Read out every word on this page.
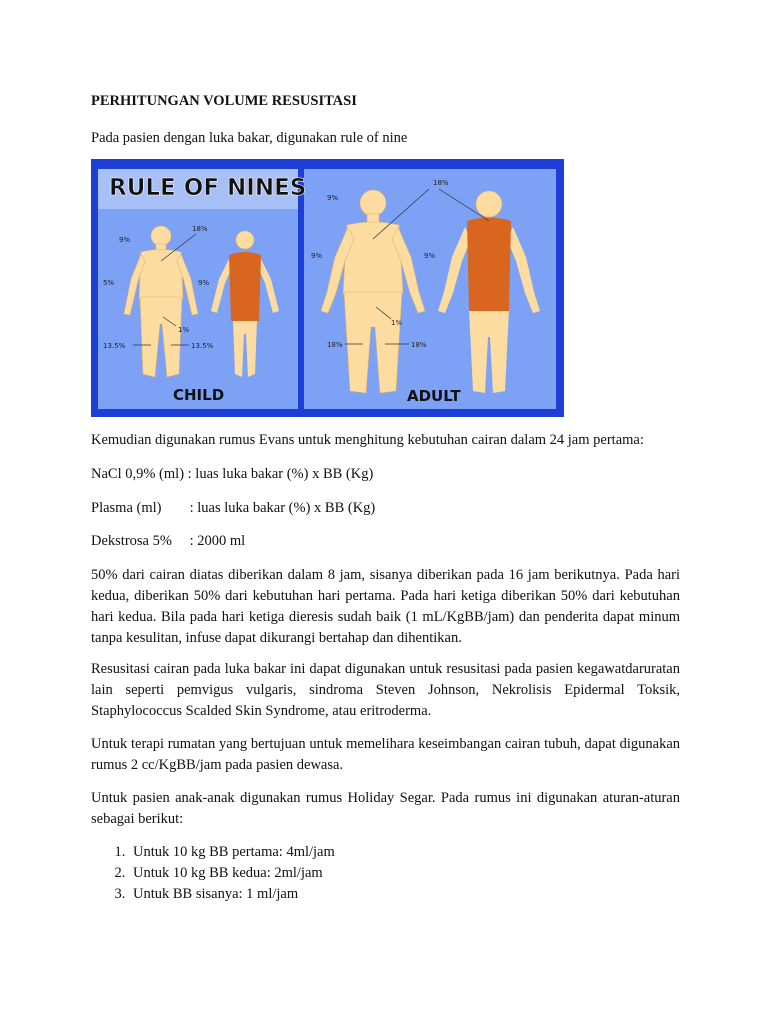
PERHITUNGAN VOLUME RESUSITASI
Pada pasien dengan luka bakar, digunakan rule of nine
RULE OF NINES
18%
9%
5%	9%
1%
13.5%	13.5%
CHILD
18%
9%
9%	9%
1%
18%	18%
ADULT
Kemudian digunakan rumus Evans untuk menghitung kebutuhan cairan dalam 24 jam pertama:
NaCl 0,9% (ml) : luas luka bakar (%) x BB (Kg)
Plasma (ml) : luas luka bakar (%) x BB (Kg)
Dekstrosa 5% : 2000 ml
50% dari cairan diatas diberikan dalam 8 jam, sisanya diberikan pada 16 jam berikutnya. Pada hari kedua, diberikan 50% dari kebutuhan hari pertama. Pada hari ketiga diberikan 50% dari kebutuhan hari kedua. Bila pada hari ketiga dieresis sudah baik (1 mL/KgBB/jam) dan penderita dapat minum tanpa kesulitan, infuse dapat dikurangi bertahap dan dihentikan.
Resusitasi cairan pada luka bakar ini dapat digunakan untuk resusitasi pada pasien kegawatdaruratan lain seperti pemvigus vulgaris, sindroma Steven Johnson, Nekrolisis Epidermal Toksik, Staphylococcus Scalded Skin Syndrome, atau eritroderma.
Untuk terapi rumatan yang bertujuan untuk memelihara keseimbangan cairan tubuh, dapat digunakan rumus 2 cc/KgBB/jam pada pasien dewasa.
Untuk pasien anak-anak digunakan rumus Holiday Segar. Pada rumus ini digunakan aturan-aturan sebagai berikut:
1. Untuk 10 kg BB pertama: 4ml/jam
2. Untuk 10 kg BB kedua: 2ml/jam
3. Untuk BB sisanya: 1 ml/jam
